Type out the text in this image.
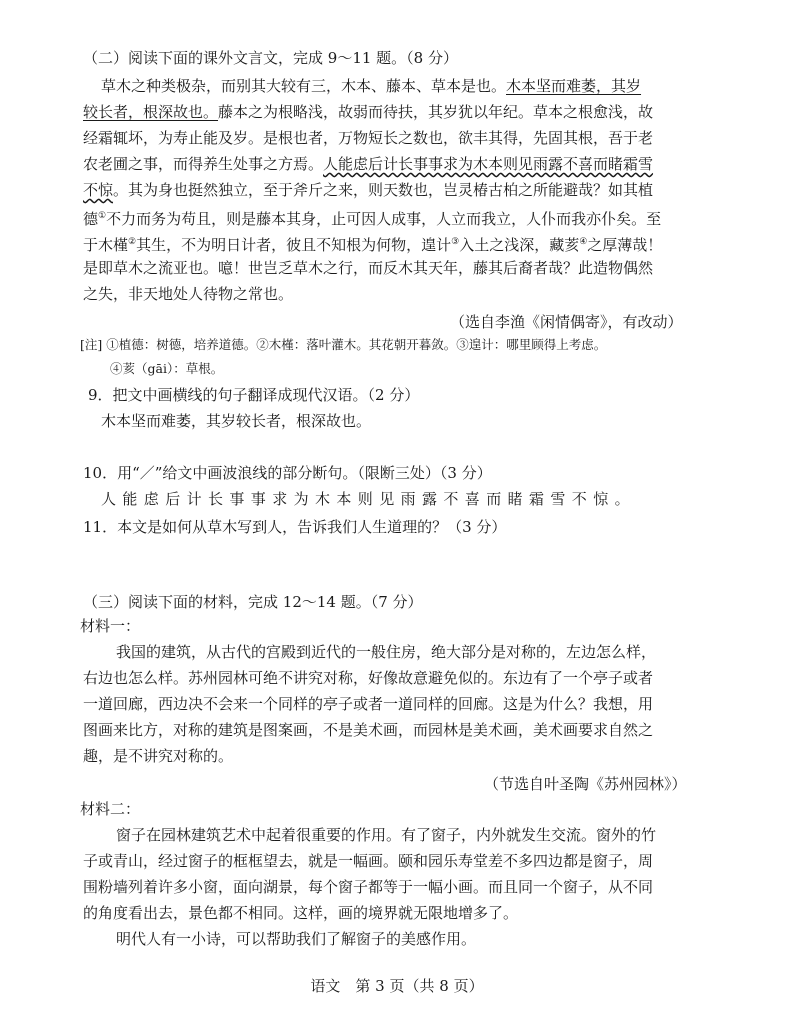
（二）阅读下面的课外文言文，完成 9～11 题。（8 分）
草木之种类极杂，而别其大较有三，木本、藤本、草本是也。木本坚而难萎，其岁
较长者，根深故也。藤本之为根略浅，故弱而待扶，其岁犹以年纪。草本之根愈浅，故
经霜辄坏，为寿止能及岁。是根也者，万物短长之数也，欲丰其得，先固其根，吾于老
农老圃之事，而得养生处事之方焉。人能虑后计长事事求为木本则见雨露不喜而睹霜雪
不惊。其为身也挺然独立，至于斧斤之来，则天数也，岂灵椿古柏之所能避哉？如其植
德①不力而务为苟且，则是藤本其身，止可因人成事，人立而我立，人仆而我亦仆矣。至
于木槿②其生，不为明日计者，彼且不知根为何物，遑计③入土之浅深，藏荄④之厚薄哉！
是即草木之流亚也。噫！世岂乏草木之行，而反木其天年，藤其后裔者哉？此造物偶然
之失，非天地处人待物之常也。
（选自李渔《闲情偶寄》，有改动）
[注] ①植德：树德，培养道德。②木槿：落叶灌木。其花朝开暮敛。③遑计：哪里顾得上考虑。
④荄（gāi）：草根。
9．把文中画横线的句子翻译成现代汉语。（2 分）
木本坚而难萎，其岁较长者，根深故也。
10．用“／”给文中画波浪线的部分断句。（限断三处）（3 分）
人能虑后计长事事求为木本则见雨露不喜而睹霜雪不惊。
11．本文是如何从草木写到人，告诉我们人生道理的？（3 分）
（三）阅读下面的材料，完成 12～14 题。（7 分）
材料一：
我国的建筑，从古代的宫殿到近代的一般住房，绝大部分是对称的，左边怎么样，
右边也怎么样。苏州园林可绝不讲究对称，好像故意避免似的。东边有了一个亭子或者
一道回廊，西边决不会来一个同样的亭子或者一道同样的回廊。这是为什么？我想，用
图画来比方，对称的建筑是图案画，不是美术画，而园林是美术画，美术画要求自然之
趣，是不讲究对称的。
（节选自叶圣陶《苏州园林》）
材料二：
窗子在园林建筑艺术中起着很重要的作用。有了窗子，内外就发生交流。窗外的竹
子或青山，经过窗子的框框望去，就是一幅画。颐和园乐寿堂差不多四边都是窗子，周
围粉墙列着许多小窗，面向湖景，每个窗子都等于一幅小画。而且同一个窗子，从不同
的角度看出去，景色都不相同。这样，画的境界就无限地增多了。
明代人有一小诗，可以帮助我们了解窗子的美感作用。
语文　第 3 页（共 8 页）
